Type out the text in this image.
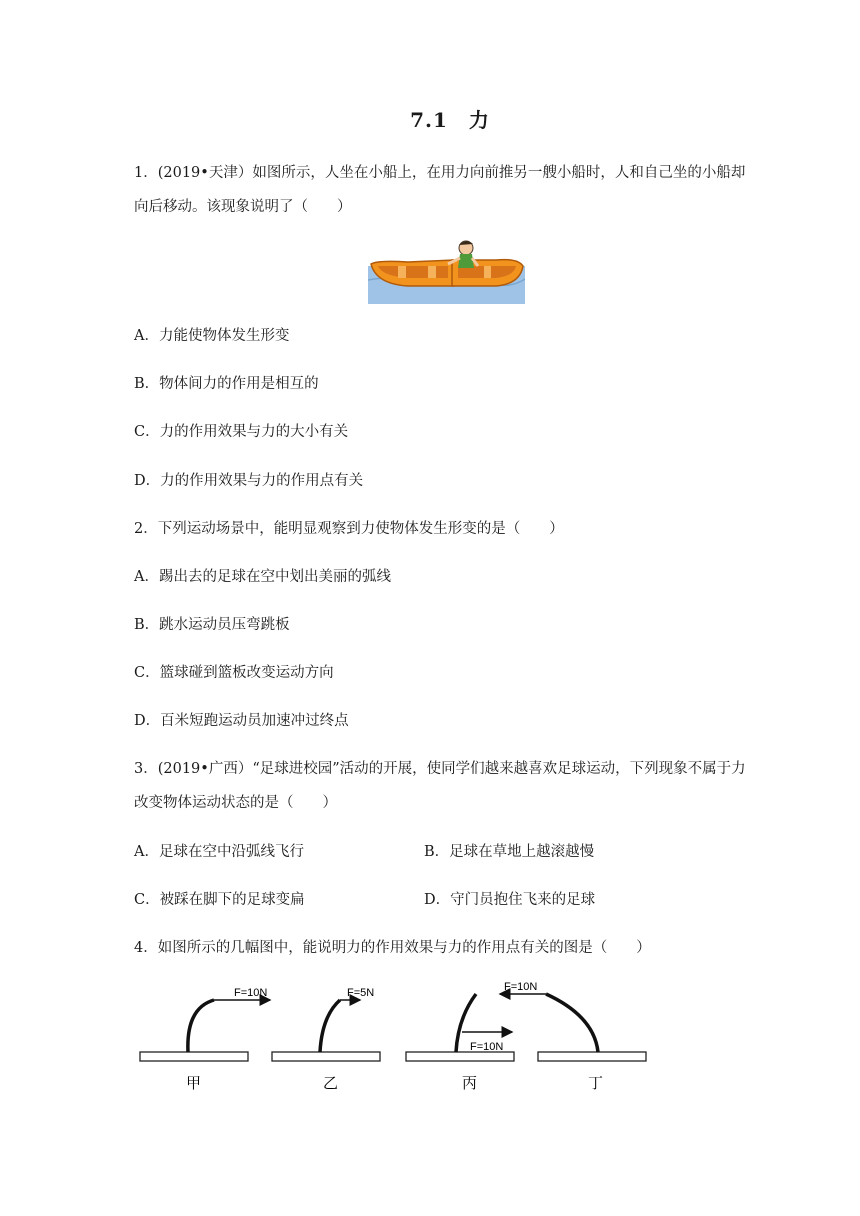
7.1　力
1．(2019•天津）如图所示，人坐在小船上，在用力向前推另一艘小船时，人和自己坐的小船却
向后移动。该现象说明了（　　）
A．力能使物体发生形变
B．物体间力的作用是相互的
C．力的作用效果与力的大小有关
D．力的作用效果与力的作用点有关
2．下列运动场景中，能明显观察到力使物体发生形变的是（　　）
A．踢出去的足球在空中划出美丽的弧线
B．跳水运动员压弯跳板
C．篮球碰到篮板改变运动方向
D．百米短跑运动员加速冲过终点
3．(2019•广西）“足球进校园”活动的开展，使同学们越来越喜欢足球运动，下列现象不属于力
改变物体运动状态的是（　　）
A．足球在空中沿弧线飞行	B．足球在草地上越滚越慢
C．被踩在脚下的足球变扁	D．守门员抱住飞来的足球
4．如图所示的几幅图中，能说明力的作用效果与力的作用点有关的图是（　　）
F=10N
甲
F=5N
乙
F=10N
丙
F=10N
丁
